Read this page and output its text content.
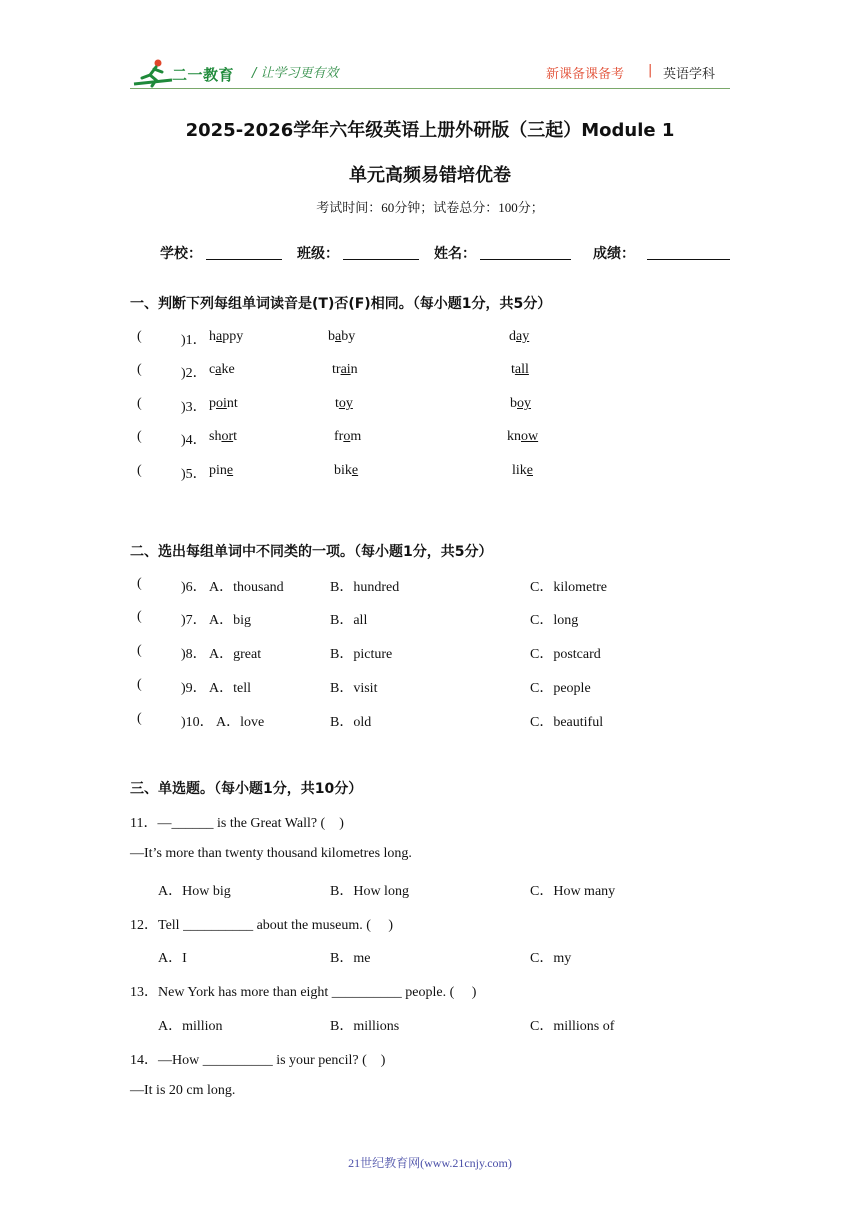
二一教育 / 让学习更有效	新课备课备考 | 英语学科
2025-2026学年六年级英语上册外研版（三起）Module 1
单元高频易错培优卷
考试时间：60分钟；试卷总分：100分；
学校：	班级：	姓名：	成绩：
一、判断下列每组单词读音是(T)否(F)相同。（每小题1分，共5分）
(	)1． happy	baby	day
(	)2． cake	train	tall
(	)3． point	toy	boy
(	)4． short	from	know
(	)5． pine	bike	like
二、选出每组单词中不同类的一项。（每小题1分，共5分）
(	)6． A．thousand	B．hundred	C．kilometre
(	)7． A．big	B．all	C．long
(	)8． A．great	B．picture	C．postcard
(	)9． A．tell	B．visit	C．people
(	)10． A．love	B．old	C．beautiful
三、单选题。（每小题1分，共10分）
11．—______ is the Great Wall? (　)
—It’s more than twenty thousand kilometres long.
A．How big	B．How long	C．How many
12．Tell __________ about the museum. (　 )
A．I	B．me	C．my
13．New York has more than eight __________ people. (　 )
A．million	B．millions	C．millions of
14．—How __________ is your pencil? (　)
—It is 20 cm long.
21世纪教育网(www.21cnjy.com)
